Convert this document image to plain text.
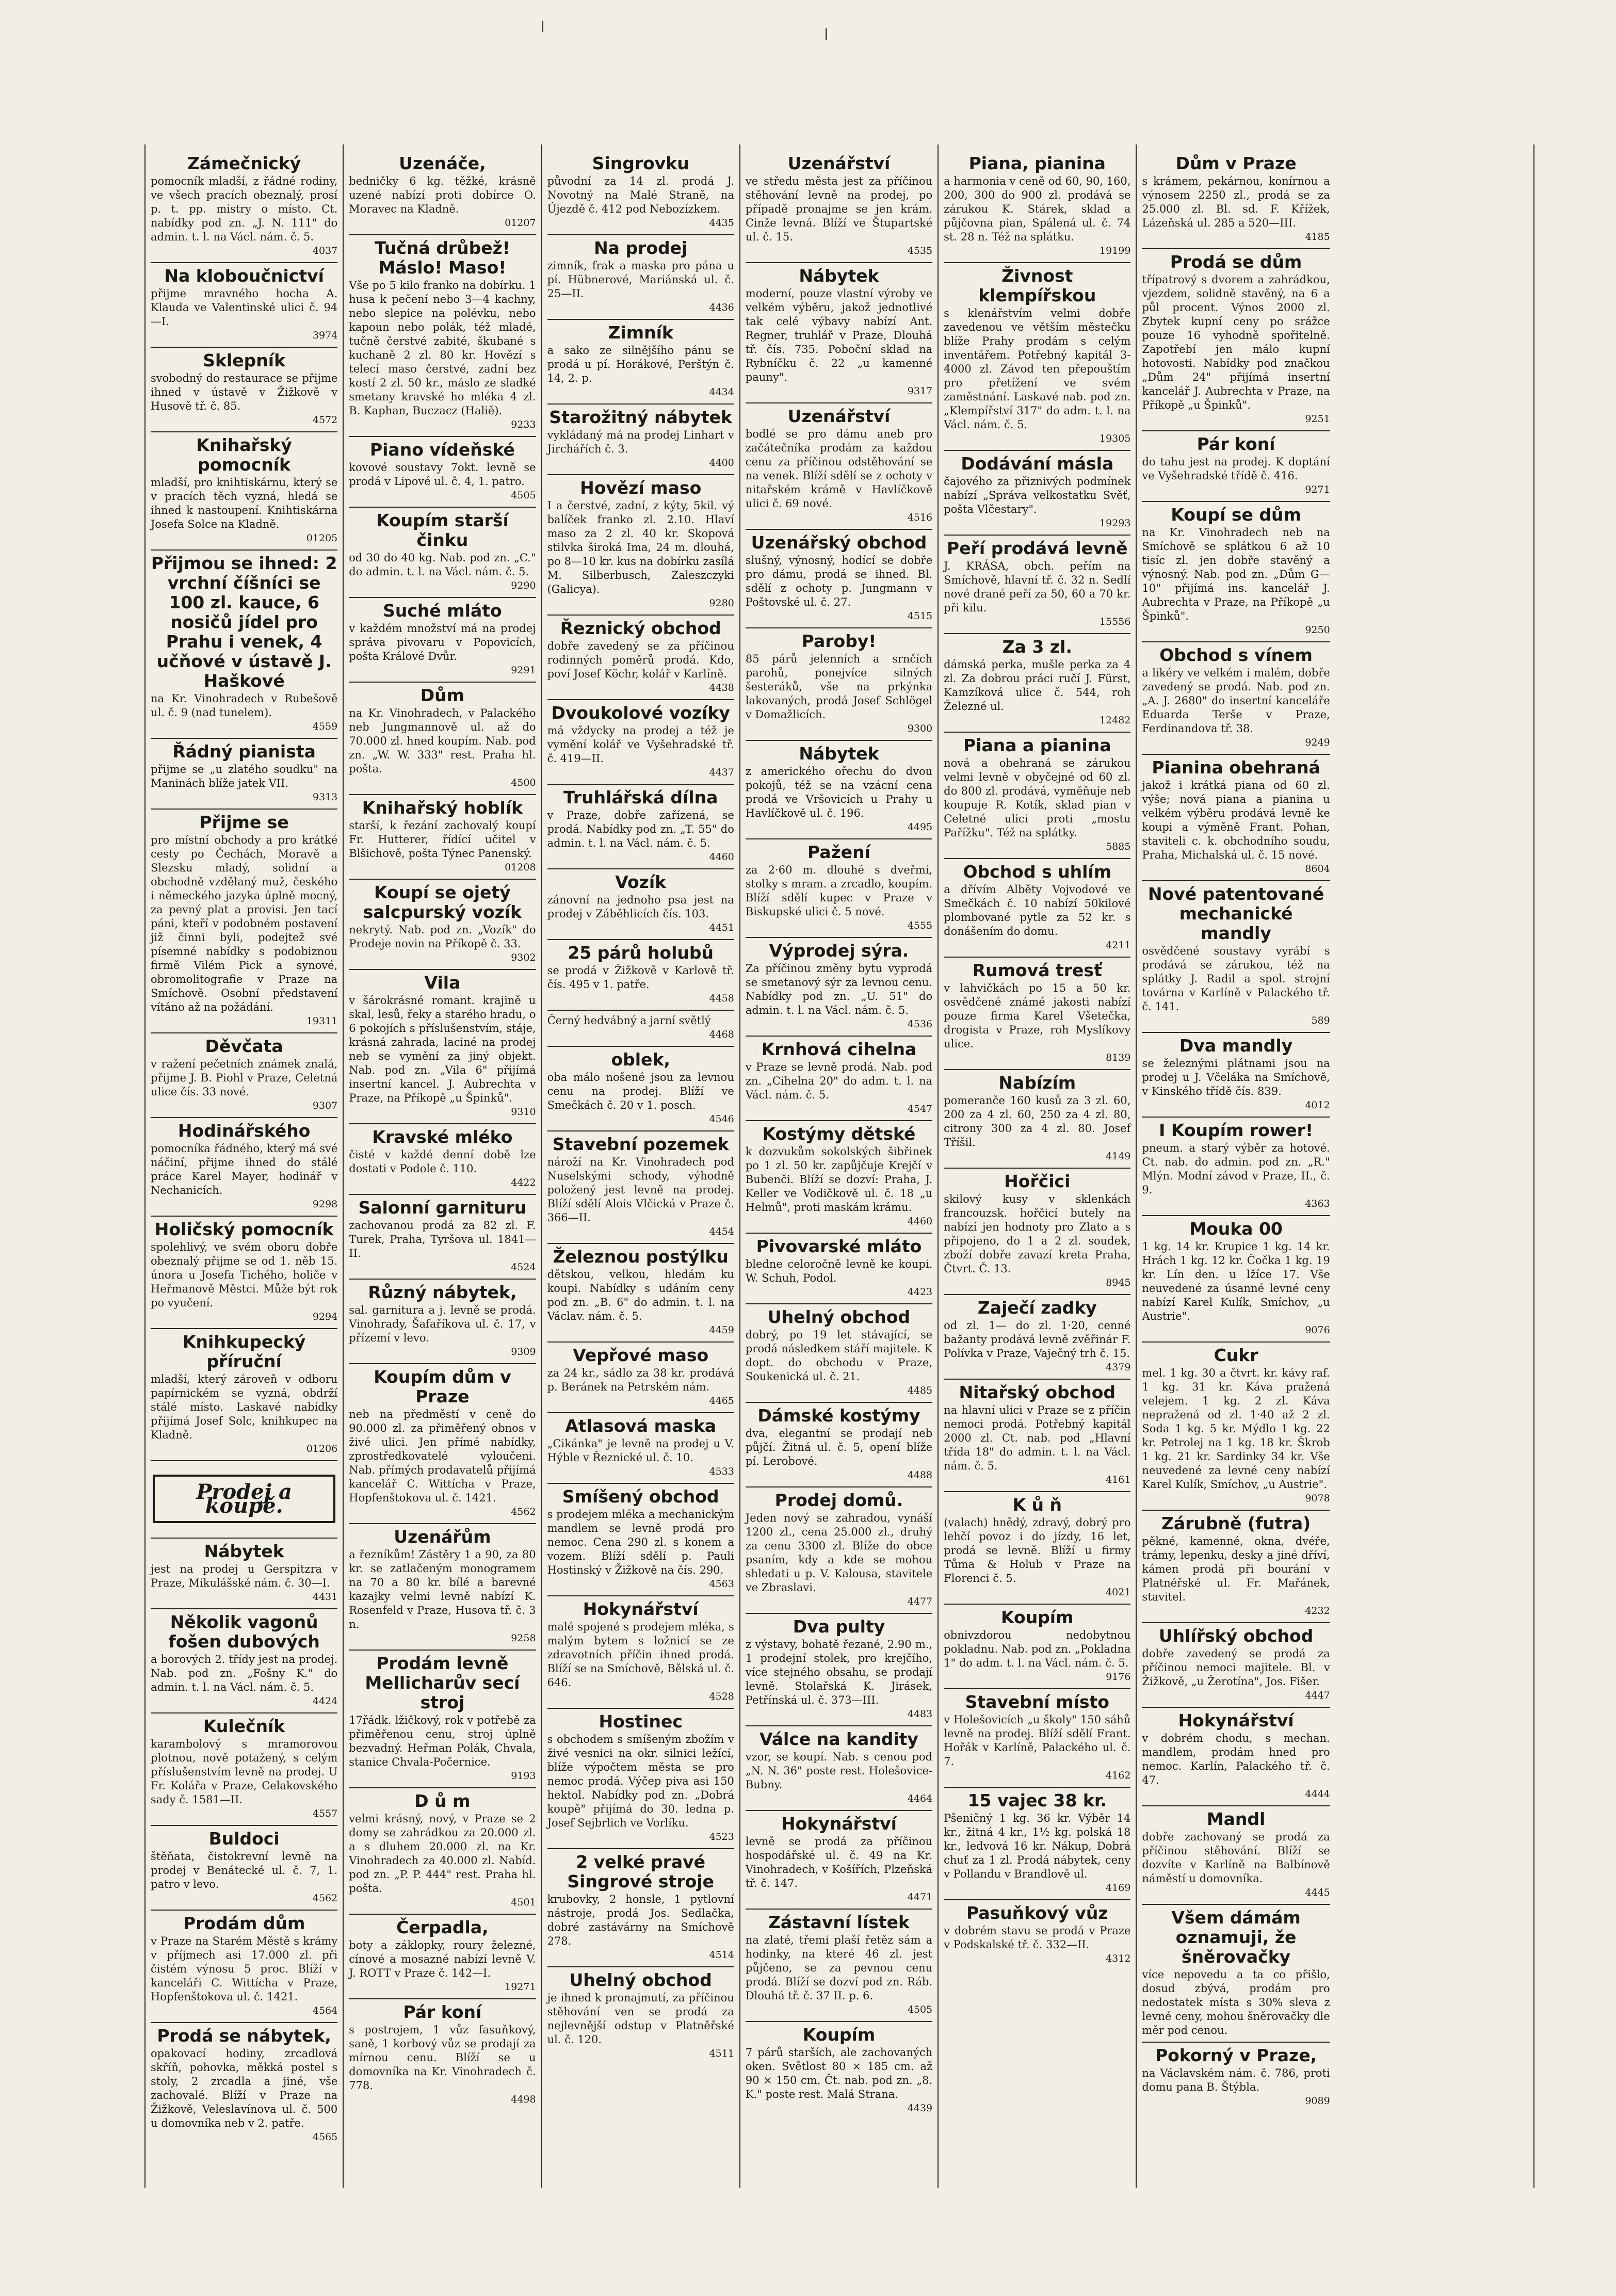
Zámečnický
pomocník mladší, z řádné rodiny, ve všech pracích obeznalý, prosí p. t. pp. mistry o místo. Ct. nabídky pod zn. „J. N. 111" do admin. t. l. na Václ. nám. č. 5.
4037
Na kloboučnictví
přijme mravného hocha A. Klauda ve Valentinské ulici č. 94—I.
3974
Sklepník
svobodný do restaurace se přijme ihned v ústavě v Žižkově v Husově tř. č. 85.
4572
Knihařský pomocník
mladší, pro knihtiskárnu, který se v pracích těch vyzná, hledá se ihned k nastoupení. Knihtiskárna Josefa Solce na Kladně.
01205
Přijmou se ihned: 2 vrchní číšníci se 100 zl. kauce, 6 nosičů jídel pro Prahu i venek, 4 učňové v ústavě J. Haškové
na Kr. Vinohradech v Rubešově ul. č. 9 (nad tunelem).
4559
Řádný pianista
přijme se „u zlatého soudku" na Maninách blíže jatek VII.
9313
Přijme se
pro místní obchody a pro krátké cesty po Čechách, Moravě a Slezsku mladý, solidní a obchodně vzdělaný muž, českého i německého jazyka úplně mocný, za pevný plat a provisi. Jen tací páni, kteří v podobném postavení již činni byli, podejtež své písemné nabídky s podobiznou firmě Vilém Pick a synové, obromolitografie v Praze na Smíchově. Osobní představení vítáno až na požádání.
19311
Děvčata
v ražení pečetních známek znalá, přijme J. B. Piohl v Praze, Celetná ulice čís. 33 nové.
9307
Hodinářského
pomocníka řádného, který má své náčiní, přijme ihned do stálé práce Karel Mayer, hodinář v Nechanicích.
9298
Holičský pomocník
spolehlivý, ve svém oboru dobře obeznalý přijme se od 1. něb 15. února u Josefa Tichého, holiče v Heřmanově Městci. Může být rok po vyučení.
9294
Knihkupecký příruční
mladší, který zároveň v odboru papírnickém se vyzná, obdrží stálé místo. Laskavé nabídky přijímá Josef Solc, knihkupec na Kladně.
01206
Prodej a koupě.
Nábytek
jest na prodej u Gerspitzra v Praze, Mikulášské nám. č. 30—I.
4431
Několik vagonů fošen dubových
a borových 2. třídy jest na prodej. Nab. pod zn. „Fošny K." do admin. t. l. na Václ. nám. č. 5.
4424
Kulečník
karambolový s mramorovou plotnou, nově potažený, s celým příslušenstvím levně na prodej. U Fr. Kolářa v Praze, Celakovského sady č. 1581—II.
4557
Buldoci
štěňata, čistokrevní levně na prodej v Benátecké ul. č. 7, 1. patro v levo.
4562
Prodám dům
v Praze na Starém Městě s krámy v příjmech asi 17.000 zl. při čistém výnosu 5 proc. Blíží v kanceláři C. Wittícha v Praze, Hopfenštokova ul. č. 1421.
4564
Prodá se nábytek,
opakovací hodiny, zrcadlová skříň, pohovka, měkká postel s stoly, 2 zrcadla a jiné, vše zachovalé. Blíží v Praze na Žižkově, Veleslavínova ul. č. 500 u domovníka neb v 2. patře.
4565
Uzenáče,
bedničky 6 kg. těžké, krásně uzené nabízí proti dobírce O. Moravec na Kladně.
01207
Tučná drůbež! Máslo! Maso!
Vše po 5 kilo franko na dobírku. 1 husa k pečení nebo 3—4 kachny, nebo slepice na polévku, nebo kapoun nebo polák, též mladé, tučně čerstvé zabité, škubané s kuchaně 2 zl. 80 kr. Hovězí s telecí maso čerstvé, zadní bez kostí 2 zl. 50 kr., máslo ze sladké smetany kravské ho mléka 4 zl. B. Kaphan, Buczacz (Haliě).
9233
Piano vídeňské
kovové soustavy 7okt. levně se prodá v Lipové ul. č. 4, 1. patro.
4505
Koupím starší činku
od 30 do 40 kg. Nab. pod zn. „C." do admin. t. l. na Václ. nám. č. 5.
9290
Suché mláto
v každém množství má na prodej správa pivovaru v Popovicích, pošta Králové Dvůr.
9291
Dům
na Kr. Vinohradech, v Palackého neb Jungmannově ul. až do 70.000 zl. hned koupím. Nab. pod zn. „W. W. 333" rest. Praha hl. pošta.
4500
Knihařský hoblík
starší, k řezání zachovalý koupí Fr. Hutterer, řídící učitel v Blšichově, pošta Týnec Panenský.
01208
Koupí se ojetý salcpurský vozík
nekrytý. Nab. pod zn. „Vozík" do Prodeje novin na Příkopě č. 33.
9302
Vila
v šárokrásné romant. krajině u skal, lesů, řeky a starého hradu, o 6 pokojích s příslušenstvím, stáje, krásná zahrada, laciné na prodej neb se vymění za jiný objekt. Nab. pod zn. „Vila 6" přijímá insertní kancel. J. Aubrechta v Praze, na Příkopě „u Špinků".
9310
Kravské mléko
čisté v každé denní době lze dostati v Podole č. 110.
4422
Salonní garnituru
zachovanou prodá za 82 zl. F. Turek, Praha, Tyršova ul. 1841—II.
4524
Různý nábytek,
sal. garnitura a j. levně se prodá. Vinohrady, Šafaříkova ul. č. 17, v přízemí v levo.
9309
Koupím dům v Praze
neb na předměstí v ceně do 90.000 zl. za přiměřený obnos v živé ulici. Jen přímé nabídky, zprostředkovatelé vyloučeni. Nab. přímých prodavatelů přijímá kancelář C. Wittícha v Praze, Hopfenštokova ul. č. 1421.
4562
Uzenářům
a řezníkům! Zástěry 1 a 90, za 80 kr. se zatlačeným monogramem na 70 a 80 kr. bílé a barevné kazajky velmi levně nabízí K. Rosenfeld v Praze, Husova tř. č. 3 n.
9258
Prodám levně Mellicharův secí stroj
17řádk. lžičkový, rok v potřebě za přiměřenou cenu, stroj úplně bezvadný. Heřman Polák, Chvala, stanice Chvala-Počernice.
9193
D ů m
velmi krásný, nový, v Praze se 2 domy se zahrádkou za 20.000 zl. a s dluhem 20.000 zl. na Kr. Vinohradech za 40.000 zl. Nabíd. pod zn. „P. P. 444" rest. Praha hl. pošta.
4501
Čerpadla,
boty a záklopky, roury železné, cínové a mosazné nabízí levně V. J. ROTT v Praze č. 142—I.
19271
Pár koní
s postrojem, 1 vůz fasuňkový, saně, 1 korbový vůz se prodají za mírnou cenu. Blíží se u domovníka na Kr. Vinohradech č. 778.
4498
Singrovku
původní za 14 zl. prodá J. Novotný na Malé Straně, na Újezdě č. 412 pod Nebozízkem.
4435
Na prodej
zimník, frak a maska pro pána u pí. Hübnerové, Mariánská ul. č. 25—II.
4436
Zimník
a sako ze silnějšího pánu se prodá u pí. Horákové, Perštýn č. 14, 2. p.
4434
Starožitný nábytek
vykládaný má na prodej Linhart v Jirchářích č. 3.
4400
Hovězí maso
I a čerstvé, zadní, z kýty, 5kil. vý balíček franko zl. 2.10. Hlaví maso za 2 zl. 40 kr. Skopová stilvka široká Ima, 24 m. dlouhá, po 8—10 kr. kus na dobírku zasílá M. Silberbusch, Zaleszczyki (Galicya).
9280
Řeznický obchod
dobře zavedený se za příčinou rodinných poměrů prodá. Kdo, poví Josef Köchr, kolář v Karlíně.
4438
Dvoukolové vozíky
má vždycky na prodej a též je vymění kolář ve Vyšehradské tř. č. 419—II.
4437
Truhlářská dílna
v Praze, dobře zařízená, se prodá. Nabídky pod zn. „T. 55" do admin. t. l. na Václ. nám. č. 5.
4460
Vozík
zánovní na jednoho psa jest na prodej v Záběhlicích čís. 103.
4451
25 párů holubů
se prodá v Žižkově v Karlově tř. čís. 495 v 1. patře.
4458
Černý hedvábný a jarní světlý
4468
oblek,
oba málo nošené jsou za levnou cenu na prodej. Blíží ve Smečkách č. 20 v 1. posch.
4546
Stavební pozemek
nároží na Kr. Vinohradech pod Nuselskými schody, výhodně položený jest levně na prodej. Blíží sdělí Alois Vlčická v Praze č. 366—II.
4454
Železnou postýlku
dětskou, velkou, hledám ku koupi. Nabídky s udáním ceny pod zn. „B. 6" do admin. t. l. na Václav. nám. č. 5.
4459
Vepřové maso
za 24 kr., sádlo za 38 kr. prodává p. Beránek na Petrském nám.
4465
Atlasová maska
„Cikánka" je levně na prodej u V. Hýble v Řeznické ul. č. 10.
4533
Smíšený obchod
s prodejem mléka a mechanickým mandlem se levně prodá pro nemoc. Cena 290 zl. s konem a vozem. Blíží sdělí p. Pauli Hostinský v Žižkově na čís. 290.
4563
Hokynářství
malé spojené s prodejem mléka, s malým bytem s ložnicí se ze zdravotních příčin ihned prodá. Blíží se na Smíchově, Bělská ul. č. 646.
4528
Hostinec
s obchodem s smíšeným zbožím v živé vesnici na okr. silnici ležící, blíže výpočtem města se pro nemoc prodá. Výčep piva asi 150 hektol. Nabídky pod zn. „Dobrá koupě" přijímá do 30. ledna p. Josef Sejbrlich ve Vorlíku.
4523
2 velké pravé Singrové stroje
krubovky, 2 honsle, 1 pytlovní nástroje, prodá Jos. Sedlačka, dobré zastávárny na Smíchově 278.
4514
Uhelný obchod
je ihned k pronajmutí, za příčinou stěhování ven se prodá za nejlevnější odstup v Platněřské ul. č. 120.
4511
Uzenářství
ve středu města jest za příčinou stěhování levně na prodej, po případě pronajme se jen krám. Cinže levná. Blíží ve Štupartské ul. č. 15.
4535
Nábytek
moderní, pouze vlastní výroby ve velkém výběru, jakož jednotlivé tak celé výbavy nabízí Ant. Regner, truhlář v Praze, Dlouhá tř. čís. 735. Poboční sklad na Rybníčku č. 22 „u kamenné pauny".
9317
Uzenářství
bodlé se pro dámu aneb pro začátečníka prodám za každou cenu za příčinou odstěhování se na venek. Blíží sdělí se z ochoty v nitařském krámě v Havlíčkově ulici č. 69 nové.
4516
Uzenářský obchod
slušný, výnosný, hodící se dobře pro dámu, prodá se ihned. Bl. sdělí z ochoty p. Jungmann v Poštovské ul. č. 27.
4515
Paroby!
85 párů jelenních a srnčích parohů, ponejvíce silných šesteráků, vše na prkýnka lakovaných, prodá Josef Schlögel v Domažlicích.
9300
Nábytek
z amerického ořechu do dvou pokojů, též se na vzácní cena prodá ve Vršovicích u Prahy u Havlíčkově ul. č. 196.
4495
Pažení
za 2·60 m. dlouhé s dveřmi, stolky s mram. a zrcadlo, koupím. Blíží sdělí kupec v Praze v Biskupské ulici č. 5 nové.
4555
Výprodej sýra.
Za příčinou změny bytu vyprodá se smetanový sýr za levnou cenu. Nabídky pod zn. „U. 51" do admin. t. l. na Václ. nám. č. 5.
4536
Krnhová cihelna
v Praze se levně prodá. Nab. pod zn. „Cihelna 20" do adm. t. l. na Václ. nám. č. 5.
4547
Kostýmy dětské
k dozvukům sokolských šibřinek po 1 zl. 50 kr. zapůjčuje Krejčí v Bubenči. Blíží se dozví: Praha, J. Keller ve Vodičkově ul. č. 18 „u Helmů", proti maskám krámu.
4460
Pivovarské mláto
bledne celoročně levně ke koupi. W. Schuh, Podol.
4423
Uhelný obchod
dobrý, po 19 let stávající, se prodá následkem stáří majitele. K dopt. do obchodu v Praze, Soukenická ul. č. 21.
4485
Dámské kostýmy
dva, elegantní se prodají neb půjčí. Žitná ul. č. 5, opení blíže pí. Lerobové.
4488
Prodej domů.
Jeden nový se zahradou, vynáší 1200 zl., cena 25.000 zl., druhý za cenu 3300 zl. Blíže do obce psaním, kdy a kde se mohou shledati u p. V. Kalousa, stavitele ve Zbraslavi.
4477
Dva pulty
z výstavy, bohatě řezané, 2.90 m., 1 prodejní stolek, pro krejčího, více stejného obsahu, se prodají levně. Stolařská K. Jirásek, Petřínská ul. č. 373—III.
4483
Válce na kandity
vzor, se koupí. Nab. s cenou pod „N. N. 36" poste rest. Holešovice-Bubny.
4464
Hokynářství
levně se prodá za příčinou hospodářské ul. č. 49 na Kr. Vinohradech, v Košířích, Plzeňská tř. č. 147.
4471
Zástavní lístek
na zlaté, třemi plaší řetěz sám a hodinky, na které 46 zl. jest půjčeno, se za pevnou cenu prodá. Blíží se dozví pod zn. Ráb. Dlouhá tř. č. 37 II. p. 6.
4505
Koupím
7 párů starších, ale zachovaných oken. Světlost 80 × 185 cm. až 90 × 150 cm. Čt. nab. pod zn. „8. K." poste rest. Malá Strana.
4439
Piana, pianina
a harmonia v ceně od 60, 90, 160, 200, 300 do 900 zl. prodává se zárukou K. Stárek, sklad a půjčovna pian, Spálená ul. č. 74 st. 28 n. Též na splátku.
19199
Živnost klempířskou
s klenářstvím velmi dobře zavedenou ve větším městečku blíže Prahy prodám s celým inventářem. Potřebný kapitál 3-4000 zl. Závod ten přepouštím pro přetížení ve svém zaměstnání. Laskavé nab. pod zn. „Klempířství 317" do adm. t. l. na Václ. nám. č. 5.
19305
Dodávání másla
čajového za přiznivých podmínek nabízí „Správa velkostatku Svěť, pošta Vlčestary".
19293
Peří prodává levně
J. KRÁSA, obch. peřím na Smíchově, hlavní tř. č. 32 n. Sedlí nové drané peří za 50, 60 a 70 kr. při kilu.
15556
Za 3 zl.
dámská perka, mušle perka za 4 zl. Za dobrou práci ručí J. Fürst, Kamzíková ulice č. 544, roh Železné ul.
12482
Piana a pianina
nová a obehraná se zárukou velmi levně v obyčejné od 60 zl. do 800 zl. prodává, vyměňuje neb koupuje R. Kotík, sklad pian v Celetné ulici proti „mostu Pařížku". Též na splátky.
5885
Obchod s uhlím
a dřívím Alběty Vojvodové ve Smečkách č. 10 nabízí 50kilové plombované pytle za 52 kr. s donášením do domu.
4211
Rumová tresť
v lahvičkách po 15 a 50 kr. osvědčené známé jakosti nabízí pouze firma Karel Všetečka, drogista v Praze, roh Myslíkovy ulice.
8139
Nabízím
pomeranče 160 kusů za 3 zl. 60, 200 za 4 zl. 60, 250 za 4 zl. 80, citrony 300 za 4 zl. 80. Josef Tříšil.
4149
Hořčici
skilový kusy v sklenkách francouzsk. hořčicí butely na nabízí jen hodnoty pro Zlato a s připojeno, do 1 a 2 zl. soudek, zboží dobře zavazí kreta Praha, Čtvrt. Č. 13.
8945
Zaječí zadky
od zl. 1— do zl. 1·20, cenné bažanty prodává levně zvěřinár F. Polívka v Praze, Vaječný trh č. 15.
4379
Nitařský obchod
na hlavní ulici v Praze se z příčin nemoci prodá. Potřebný kapitál 2000 zl. Ct. nab. pod „Hlavní třída 18" do admin. t. l. na Václ. nám. č. 5.
4161
K ů ň
(valach) hnědý, zdravý, dobrý pro lehčí povoz i do jízdy, 16 let, prodá se levně. Blíží u firmy Tůma & Holub v Praze na Florenci č. 5.
4021
Koupím
obnivzdorou nedobytnou pokladnu. Nab. pod zn. „Pokladna 1" do adm. t. l. na Václ. nám. č. 5.
9176
Stavební místo
v Holešovicích „u školy" 150 sáhů levně na prodej. Blíží sdělí Frant. Hořák v Karlíně, Palackého ul. č. 7.
4162
15 vajec 38 kr.
Pšeničný 1 kg. 36 kr. Výběr 14 kr., žitná 4 kr., 1½ kg. polská 18 kr., ledvová 16 kr. Nákup, Dobrá chuť za 1 zl. Prodá nábytek, ceny v Pollandu v Brandlově ul.
4169
Pasuňkový vůz
v dobrém stavu se prodá v Praze v Podskalské tř. č. 332—II.
4312
Dům v Praze
s krámem, pekárnou, konírnou a výnosem 2250 zl., prodá se za 25.000 zl. Bl. sd. F. Křížek, Lázeňská ul. 285 a 520—III.
4185
Prodá se dům
třípatrový s dvorem a zahrádkou, vjezdem, solidně stavěný, na 6 a půl procent. Výnos 2000 zl. Zbytek kupní ceny po srážce pouze 16 vyhodně spořitelně. Zapotřebí jen málo kupní hotovosti. Nabídky pod značkou „Dům 24" přijímá insertní kancelář J. Aubrechta v Praze, na Příkopě „u Špinků".
9251
Pár koní
do tahu jest na prodej. K doptání ve Vyšehradské třídě č. 416.
9271
Koupí se dům
na Kr. Vinohradech neb na Smíchově se splátkou 6 až 10 tisíc zl. jen dobře stavěný a výnosný. Nab. pod zn. „Dům G—10" přijímá ins. kancelář J. Aubrechta v Praze, na Příkopě „u Špinků".
9250
Obchod s vínem
a likéry ve velkém i malém, dobře zavedený se prodá. Nab. pod zn. „A. J. 2680" do insertní kanceláře Eduarda Terše v Praze, Ferdinandova tř. 38.
9249
Pianina obehraná
jakož i krátká piana od 60 zl. výše; nová piana a pianina u velkém výběru prodává levně ke koupi a výměně Frant. Pohan, staviteli c. k. obchodního soudu, Praha, Michalská ul. č. 15 nové.
8604
Nové patentované mechanické mandly
osvědčené soustavy vyrábí s prodává se zárukou, též na splátky J. Radil a spol. strojní továrna v Karlíně v Palackého tř. č. 141.
589
Dva mandly
se železnými plátnami jsou na prodej u J. Včeláka na Smíchově, v Kinského třídě čís. 839.
4012
I Koupím rower!
pneum. a starý výběr za hotové. Ct. nab. do admin. pod zn. „R." Mlýn. Modní závod v Praze, II., č. 9.
4363
Mouka 00
1 kg. 14 kr. Krupice 1 kg. 14 kr. Hrách 1 kg. 12 kr. Čočka 1 kg. 19 kr. Lín den. u lžíce 17. Vše neuvedené za úsanné levné ceny nabízí Karel Kulík, Smíchov, „u Austrie".
9076
Cukr
mel. 1 kg. 30 a čtvrt. kr. kávy raf. 1 kg. 31 kr. Káva pražená velejem. 1 kg. 2 zl. Káva nepražená od zl. 1·40 až 2 zl. Soda 1 kg. 5 kr. Mýdlo 1 kg. 22 kr. Petrolej na 1 kg. 18 kr. Škrob 1 kg. 21 kr. Sardinky 34 kr. Vše neuvedené za levné ceny nabízí Karel Kulík, Smíchov, „u Austrie".
9078
Zárubně (futra)
pěkné, kamenné, okna, dvéře, trámy, lepenku, desky a jiné dříví, kámen prodá při bourání v Platnéřské ul. Fr. Mařánek, stavitel.
4232
Uhlířský obchod
dobře zavedený se prodá za příčinou nemoci majitele. Bl. v Žižkově, „u Žerotína", Jos. Fišer.
4447
Hokynářství
v dobrém chodu, s mechan. mandlem, prodám hned pro nemoc. Karlín, Palackého tř. č. 47.
4444
Mandl
dobře zachovaný se prodá za příčinou stěhování. Blíží se dozvíte v Karlíně na Balbínově náměstí u domovníka.
4445
Všem dámám oznamuji, že šněrovačky
více nepovedu a ta co přišlo, dosud zbývá, prodám pro nedostatek místa s 30% sleva z levné ceny, mohou šněrovačky dle měr pod cenou.
Pokorný v Praze,
na Václavském nám. č. 786, proti domu pana B. Štýbla.
9089
